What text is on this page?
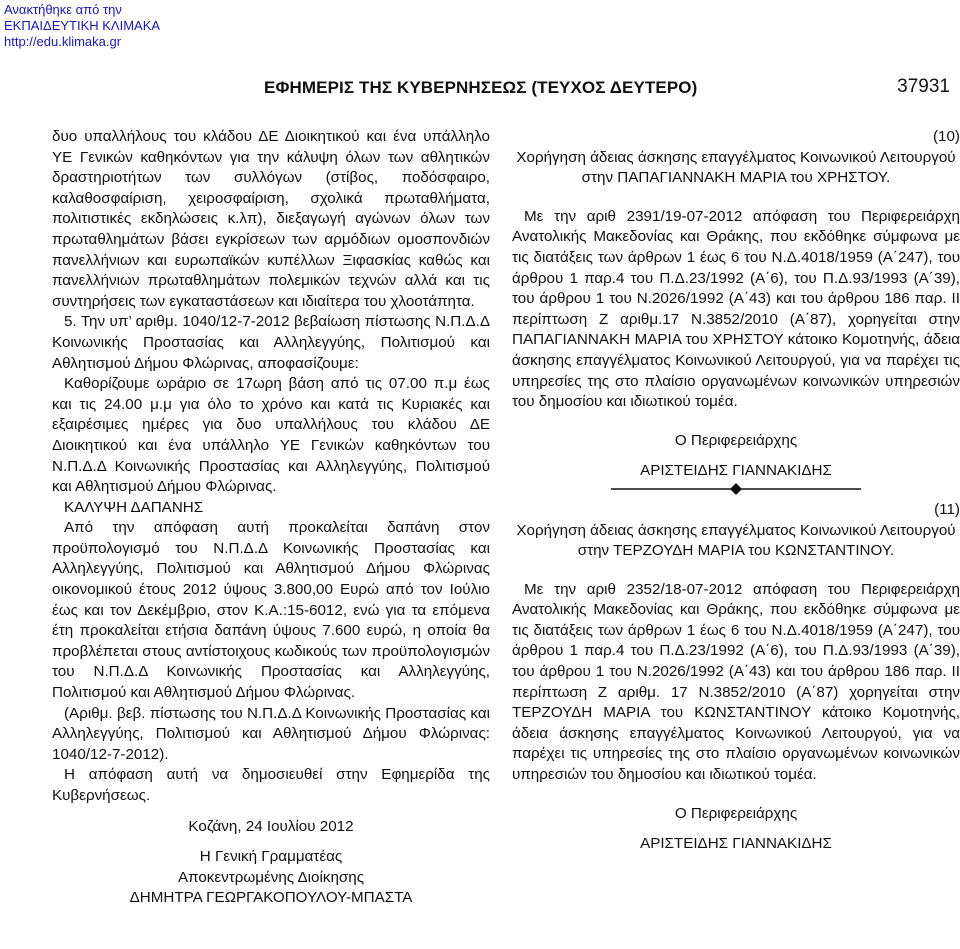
Ανακτήθηκε από την
ΕΚΠΑΙΔΕΥΤΙΚΗ ΚΛΙΜΑΚΑ
http://edu.klimaka.gr
ΕΦΗΜΕΡΙΣ ΤΗΣ ΚΥΒΕΡΝΗΣΕΩΣ (ΤΕΥΧΟΣ ΔΕΥΤΕΡΟ)	37931

δυο υπαλλήλους του κλάδου ΔΕ Διοικητικού και ένα υπάλληλο ΥΕ Γενικών καθηκόντων για την κάλυψη όλων των αθλητικών δραστηριοτήτων των συλλόγων (στίβος, ποδόσφαιρο, καλαθοσφαίριση, χειροσφαίριση, σχολικά πρωταθλήματα, πολιτιστικές εκδηλώσεις κ.λπ), διεξαγωγή αγώνων όλων των πρωταθλημάτων βάσει εγκρίσεων των αρμόδιων ομοσπονδιών πανελλήνιων και ευρωπαϊκών κυπέλλων Ξιφασκίας καθώς και πανελλήνιων πρωταθλημάτων πολεμικών τεχνών αλλά και τις συντηρήσεις των εγκαταστάσεων και ιδιαίτερα του χλοοτάπητα.

5. Την υπ’ αριθμ. 1040/12-7-2012 βεβαίωση πίστωσης Ν.Π.Δ.Δ Κοινωνικής Προστασίας και Αλληλεγγύης, Πολιτισμού και Αθλητισμού Δήμου Φλώρινας, αποφασίζουμε:

Καθορίζουμε ωράριο σε 17ωρη βάση από τις 07.00 π.μ έως και τις 24.00 μ.μ για όλο το χρόνο και κατά τις Κυριακές και εξαιρέσιμες ημέρες για δυο υπαλλήλους του κλάδου ΔΕ Διοικητικού και ένα υπάλληλο ΥΕ Γενικών καθηκόντων του Ν.Π.Δ.Δ Κοινωνικής Προστασίας και Αλληλεγγύης, Πολιτισμού και Αθλητισμού Δήμου Φλώρινας.

ΚΑΛΥΨΗ ΔΑΠΑΝΗΣ

Από την απόφαση αυτή προκαλείται δαπάνη στον προϋπολογισμό του Ν.Π.Δ.Δ Κοινωνικής Προστασίας και Αλληλεγγύης, Πολιτισμού και Αθλητισμού Δήμου Φλώρινας οικονομικού έτους 2012 ύψους 3.800,00 Ευρώ από τον Ιούλιο έως και τον Δεκέμβριο, στον Κ.Α.:15-6012, ενώ για τα επόμενα έτη προκαλείται ετήσια δαπάνη ύψους 7.600 ευρώ, η οποία θα προβλέπεται στους αντίστοιχους κωδικούς των προϋπολογισμών του Ν.Π.Δ.Δ Κοινωνικής Προστασίας και Αλληλεγγύης, Πολιτισμού και Αθλητισμού Δήμου Φλώρινας.

(Αριθμ. βεβ. πίστωσης του Ν.Π.Δ.Δ Κοινωνικής Προστασίας και Αλληλεγγύης, Πολιτισμού και Αθλητισμού Δήμου Φλώρινας: 1040/12-7-2012).

Η απόφαση αυτή να δημοσιευθεί στην Εφημερίδα της Κυβερνήσεως.

Κοζάνη, 24 Ιουλίου 2012

Η Γενική Γραμματέας

Αποκεντρωμένης Διοίκησης

ΔΗΜΗΤΡΑ ΓΕΩΡΓΑΚΟΠΟΥΛΟΥ-ΜΠΑΣΤΑ

(10)

Χορήγηση άδειας άσκησης επαγγέλματος Κοινωνικού Λειτουργού στην ΠΑΠΑΓΙΑΝΝΑΚΗ ΜΑΡΙΑ του ΧΡΗΣΤΟΥ.

Με την αριθ 2391/19-07-2012 απόφαση του Περιφερειάρχη Ανατολικής Μακεδονίας και Θράκης, που εκδόθηκε σύμφωνα με τις διατάξεις των άρθρων 1 έως 6 του Ν.Δ.4018/1959 (Α΄247), του άρθρου 1 παρ.4 του Π.Δ.23/1992 (Α΄6), του Π.Δ.93/1993 (Α΄39), του άρθρου 1 του Ν.2026/1992 (Α΄43) και του άρθρου 186 παρ. ΙΙ περίπτωση Ζ αριθμ.17 Ν.3852/2010 (Α΄87), χορηγείται στην ΠΑΠΑΓΙΑΝΝΑΚΗ ΜΑΡΙΑ του ΧΡΗΣΤΟΥ κάτοικο Κομοτηνής, άδεια άσκησης επαγγέλματος Κοινωνικού Λειτουργού, για να παρέχει τις υπηρεσίες της στο πλαίσιο οργανωμένων κοινωνικών υπηρεσιών του δημοσίου και ιδιωτικού τομέα.

Ο Περιφερειάρχης

ΑΡΙΣΤΕΙΔΗΣ ΓΙΑΝΝΑΚΙΔΗΣ

(11)

Χορήγηση άδειας άσκησης επαγγέλματος Κοινωνικού Λειτουργού στην ΤΕΡΖΟΥΔΗ ΜΑΡΙΑ του ΚΩΝΣΤΑΝΤΙΝΟΥ.

Με την αριθ 2352/18-07-2012 απόφαση του Περιφερειάρχη Ανατολικής Μακεδονίας και Θράκης, που εκδόθηκε σύμφωνα με τις διατάξεις των άρθρων 1 έως 6 του Ν.Δ.4018/1959 (Α΄247), του άρθρου 1 παρ.4 του Π.Δ.23/1992 (Α΄6), του Π.Δ.93/1993 (Α΄39), του άρθρου 1 του Ν.2026/1992 (Α΄43) και του άρθρου 186 παρ. ΙΙ περίπτωση Ζ αριθμ. 17 Ν.3852/2010 (Α΄87) χορηγείται στην ΤΕΡΖΟΥΔΗ ΜΑΡΙΑ του ΚΩΝΣΤΑΝΤΙΝΟΥ κάτοικο Κομοτηνής, άδεια άσκησης επαγγέλματος Κοινωνικού Λειτουργού, για να παρέχει τις υπηρεσίες της στο πλαίσιο οργανωμένων κοινωνικών υπηρεσιών του δημοσίου και ιδιωτικού τομέα.

Ο Περιφερειάρχης

ΑΡΙΣΤΕΙΔΗΣ ΓΙΑΝΝΑΚΙΔΗΣ
